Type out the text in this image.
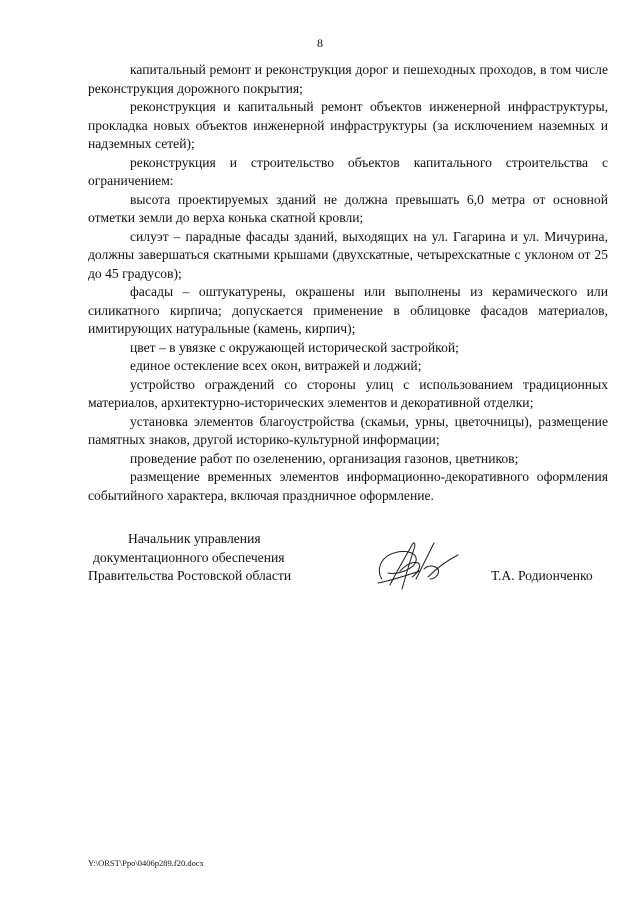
8

капитальный ремонт и реконструкция дорог и пешеходных проходов, в том числе реконструкция дорожного покрытия;

реконструкция и капитальный ремонт объектов инженерной инфраструктуры, прокладка новых объектов инженерной инфраструктуры (за исключением наземных и надземных сетей);

реконструкция и строительство объектов капитального строительства с ограничением:

высота проектируемых зданий не должна превышать 6,0 метра от основной отметки земли до верха конька скатной кровли;

силуэт – парадные фасады зданий, выходящих на ул. Гагарина и ул. Мичурина, должны завершаться скатными крышами (двухскатные, четырехскатные с уклоном от 25 до 45 градусов);

фасады – оштукатурены, окрашены или выполнены из керамического или силикатного кирпича; допускается применение в облицовке фасадов материалов, имитирующих натуральные (камень, кирпич);

цвет – в увязке с окружающей исторической застройкой;

единое остекление всех окон, витражей и лоджий;

устройство ограждений со стороны улиц с использованием традиционных материалов, архитектурно-исторических элементов и декоративной отделки;

установка элементов благоустройства (скамьи, урны, цветочницы), размещение памятных знаков, другой историко-культурной информации;

проведение работ по озеленению, организация газонов, цветников;

размещение временных элементов информационно-декоративного оформления событийного характера, включая праздничное оформление.

Начальник управления
документационного обеспечения
Правительства Ростовской области	Т.А. Родионченко
Y:\ORST\Ppo\0406p289.f20.docx
